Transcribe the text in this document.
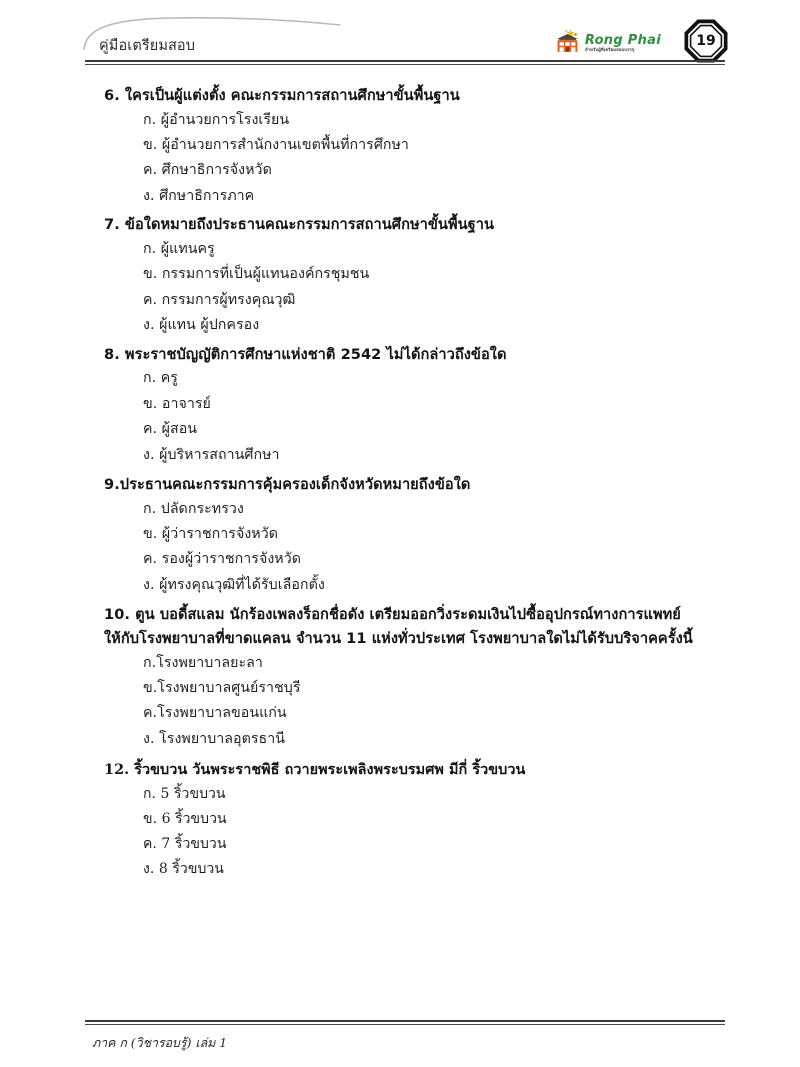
คู่มือเตรียมสอบ	Rong Phai
สำหรับผู้ที่เตรียมสอบบรรจุ
19
6. ใครเป็นผู้แต่งตั้ง คณะกรรมการสถานศึกษาขั้นพื้นฐาน
ก. ผู้อำนวยการโรงเรียน
ข. ผู้อำนวยการสำนักงานเขตพื้นที่การศึกษา
ค. ศึกษาธิการจังหวัด
ง. ศึกษาธิการภาค
7. ข้อใดหมายถึงประธานคณะกรรมการสถานศึกษาขั้นพื้นฐาน
ก. ผู้แทนครู
ข. กรรมการที่เป็นผู้แทนองค์กรชุมชน
ค. กรรมการผู้ทรงคุณวุฒิ
ง. ผู้แทน ผู้ปกครอง
8. พระราชบัญญัติการศึกษาแห่งชาติ 2542 ไม่ได้กล่าวถึงข้อใด
ก. ครู
ข. อาจารย์
ค. ผู้สอน
ง. ผู้บริหารสถานศึกษา
9.ประธานคณะกรรมการคุ้มครองเด็กจังหวัดหมายถึงข้อใด
ก. ปลัดกระทรวง
ข. ผู้ว่าราชการจังหวัด
ค. รองผู้ว่าราชการจังหวัด
ง. ผู้ทรงคุณวุฒิที่ได้รับเลือกตั้ง
10. ตูน บอดี้สแลม นักร้องเพลงร็อกชื่อดัง เตรียมออกวิ่งระดมเงินไปซื้ออุปกรณ์ทางการแพทย์
ให้กับโรงพยาบาลที่ขาดแคลน จำนวน 11 แห่งทั่วประเทศ โรงพยาบาลใดไม่ได้รับบริจาคครั้งนี้
ก.โรงพยาบาลยะลา
ข.โรงพยาบาลศูนย์ราชบุรี
ค.โรงพยาบาลขอนแก่น
ง. โรงพยาบาลอุตรธานี
12. ริ้วขบวน วันพระราชพิธี ถวายพระเพลิงพระบรมศพ มีกี่ ริ้วขบวน
ก. 5 ริ้วขบวน
ข. 6 ริ้วขบวน
ค. 7 ริ้วขบวน
ง. 8 ริ้วขบวน
ภาค ก (วิชารอบรู้) เล่ม 1
